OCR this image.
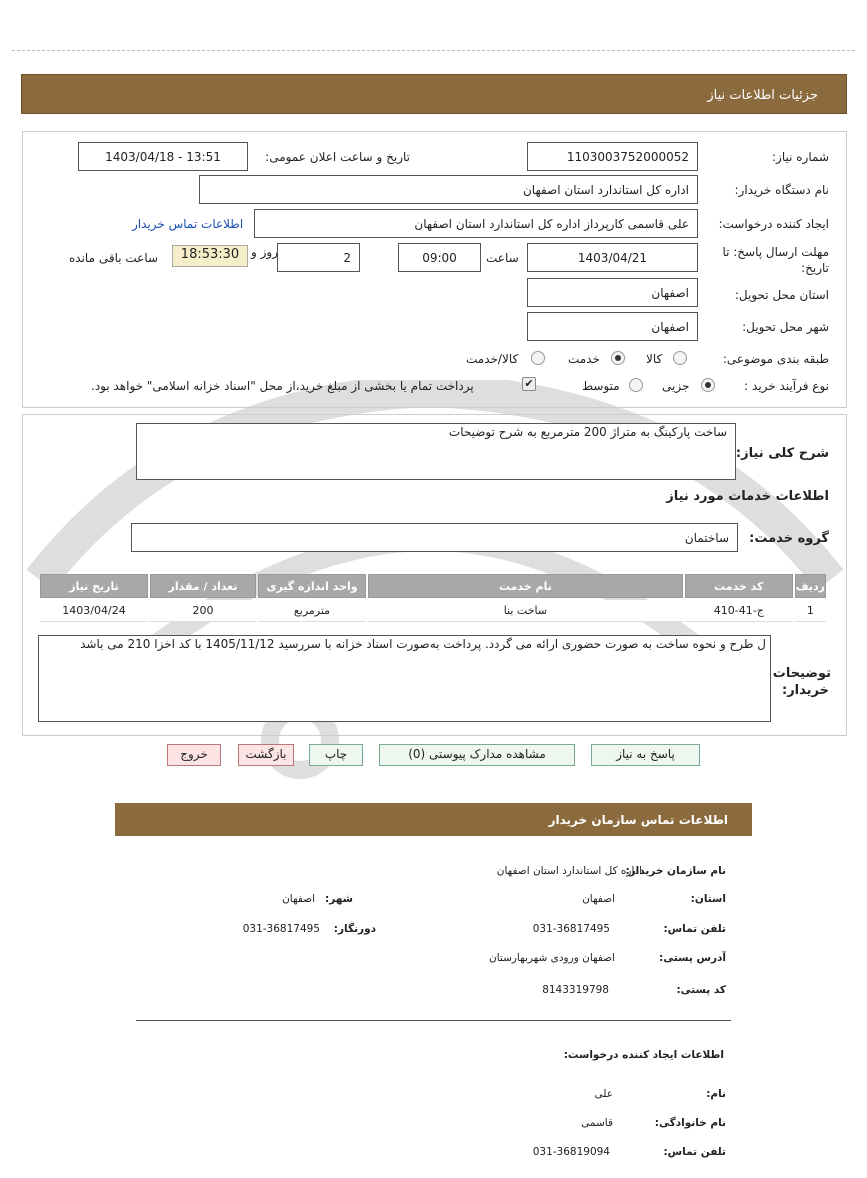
جزئیات اطلاعات نیاز
شماره نیاز:
1103003752000052
تاریخ و ساعت اعلان عمومی:
1403/04/18 - 13:51
نام دستگاه خریدار:
اداره کل استاندارد استان اصفهان
ایجاد کننده درخواست:
علی قاسمی کارپرداز اداره کل استاندارد استان اصفهان
اطلاعات تماس خریدار
مهلت ارسال پاسخ: تا
تاریخ:
1403/04/21
ساعت
09:00
2
روز و
18:53:30
ساعت باقی مانده
استان محل تحویل:
اصفهان
شهر محل تحویل:
اصفهان
طبقه بندی موضوعی:
کالا
خدمت
کالا/خدمت
نوع فرآیند خرید :
جزیی
متوسط
✔
پرداخت تمام یا بخشی از مبلغ خرید،از محل "اسناد خزانه اسلامی" خواهد بود.
شرح کلی نیاز:
ساخت پارکینگ به متراژ 200 مترمربع به شرح توضیحات
اطلاعات خدمات مورد نیاز
گروه خدمت:
ساختمان
ردیف	کد خدمت	نام خدمت	واحد اندازه گیری	تعداد / مقدار	تاریخ نیاز
1	ج-41-410	ساخت بنا	مترمربع	200	1403/04/24
توضیحات
خریدار:
ل طرح و نحوه ساخت به صورت حضوری ارائه می گردد. پرداخت به‌صورت اسناد خزانه با سررسید 1405/11/12 با کد اخزا 210 می باشد
پاسخ به نیاز
مشاهده مدارک پیوستی (0)
چاپ
بازگشت
خروج
اطلاعات تماس سازمان خریدار
نام سازمان خریدار:
اداره کل استاندارد استان اصفهان
استان:
اصفهان
شهر:
اصفهان
تلفن تماس:
031-36817495
دورنگار:
031-36817495
آدرس پستی:
اصفهان ورودی شهربهارستان
کد پستی:
8143319798
اطلاعات ایجاد کننده درخواست:
نام:
علی
نام خانوادگی:
قاسمی
تلفن تماس:
031-36819094
